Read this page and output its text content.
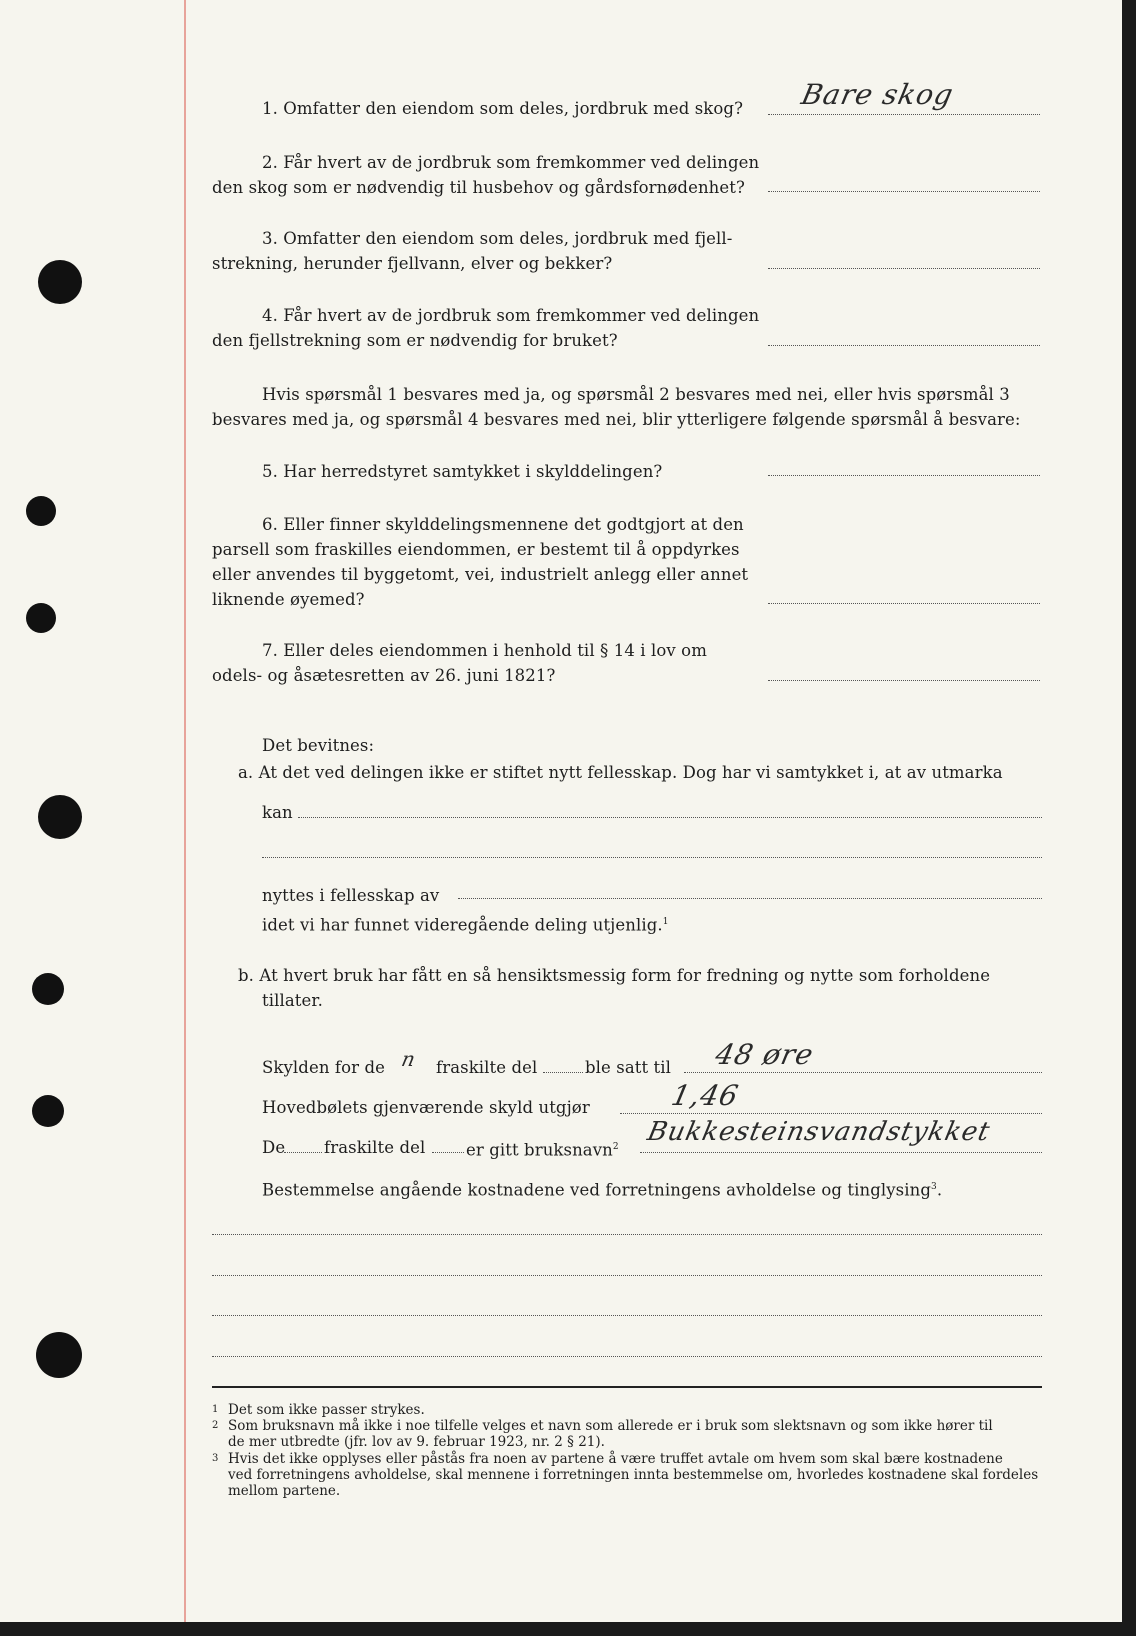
1. Omfatter den eiendom som deles, jordbruk med skog? Bare skog
2. Får hvert av de jordbruk som fremkommer ved delingen
den skog som er nødvendig til husbehov og gårdsfornødenhet?
3. Omfatter den eiendom som deles, jordbruk med fjell-
strekning, herunder fjellvann, elver og bekker?
4. Får hvert av de jordbruk som fremkommer ved delingen
den fjellstrekning som er nødvendig for bruket?
Hvis spørsmål 1 besvares med ja, og spørsmål 2 besvares med nei, eller hvis spørsmål 3
besvares med ja, og spørsmål 4 besvares med nei, blir ytterligere følgende spørsmål å besvare:
5. Har herredstyret samtykket i skylddelingen?
6. Eller finner skylddelingsmennene det godtgjort at den
parsell som fraskilles eiendommen, er bestemt til å oppdyrkes
eller anvendes til byggetomt, vei, industrielt anlegg eller annet
liknende øyemed?
7. Eller deles eiendommen i henhold til § 14 i lov om
odels- og åsætesretten av 26. juni 1821?
Det bevitnes:
a. At det ved delingen ikke er stiftet nytt fellesskap. Dog har vi samtykket i, at av utmarka
kan
nyttes i fellesskap av
idet vi har funnet videregående deling utjenlig.$^1$
b. At hvert bruk har fått en så hensiktsmessig form for fredning og nytte som forholdene
tillater.
Skylden for de n fraskilte del	ble satt til 48 øre
Hovedbølets gjenværende skyld utgjør	1,46
De fraskilte del er gitt bruksnavn$^2$ Bukkesteinsvandstykket
Bestemmelse angående kostnadene ved forretningens avholdelse og tinglysing$^3$.
1 Det som ikke passer strykes.
2 Som bruksnavn må ikke i noe tilfelle velges et navn som allerede er i bruk som slektsnavn og som ikke hører til
de mer utbredte (jfr. lov av 9. februar 1923, nr. 2 § 21).
3 Hvis det ikke opplyses eller påstås fra noen av partene å være truffet avtale om hvem som skal bære kostnadene
ved forretningens avholdelse, skal mennene i forretningen innta bestemmelse om, hvorledes kostnadene skal fordeles
mellom partene.
